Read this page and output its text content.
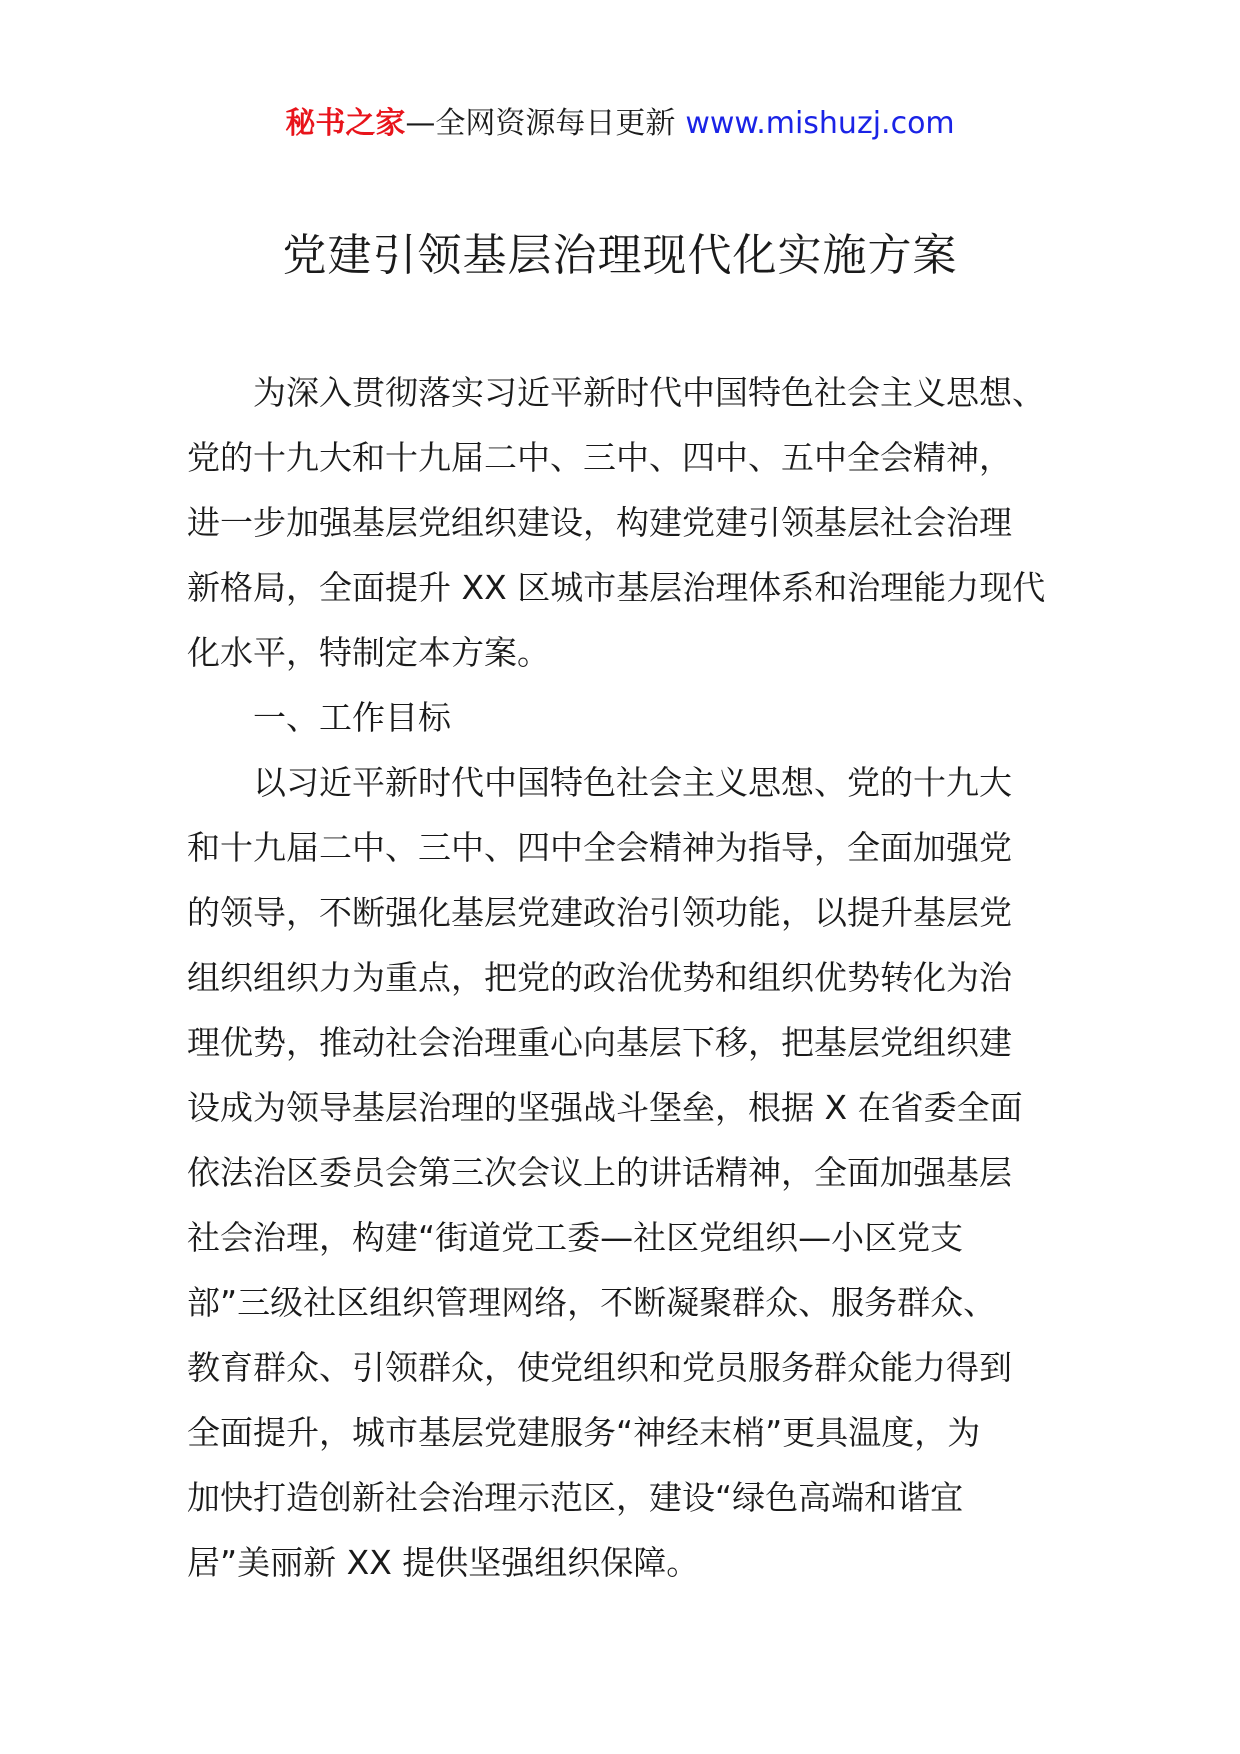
秘书之家—全网资源每日更新 www.mishuzj.com
党建引领基层治理现代化实施方案
为深入贯彻落实习近平新时代中国特色社会主义思想、
党的十九大和十九届二中、三中、四中、五中全会精神，
进一步加强基层党组织建设，构建党建引领基层社会治理
新格局，全面提升 XX 区城市基层治理体系和治理能力现代
化水平，特制定本方案。
一、工作目标
以习近平新时代中国特色社会主义思想、党的十九大
和十九届二中、三中、四中全会精神为指导，全面加强党
的领导，不断强化基层党建政治引领功能，以提升基层党
组织组织力为重点，把党的政治优势和组织优势转化为治
理优势，推动社会治理重心向基层下移，把基层党组织建
设成为领导基层治理的坚强战斗堡垒，根据 X 在省委全面
依法治区委员会第三次会议上的讲话精神，全面加强基层
社会治理，构建“街道党工委—社区党组织—小区党支
部”三级社区组织管理网络，不断凝聚群众、服务群众、
教育群众、引领群众，使党组织和党员服务群众能力得到
全面提升，城市基层党建服务“神经末梢”更具温度，为
加快打造创新社会治理示范区，建设“绿色高端和谐宜
居”美丽新 XX 提供坚强组织保障。
